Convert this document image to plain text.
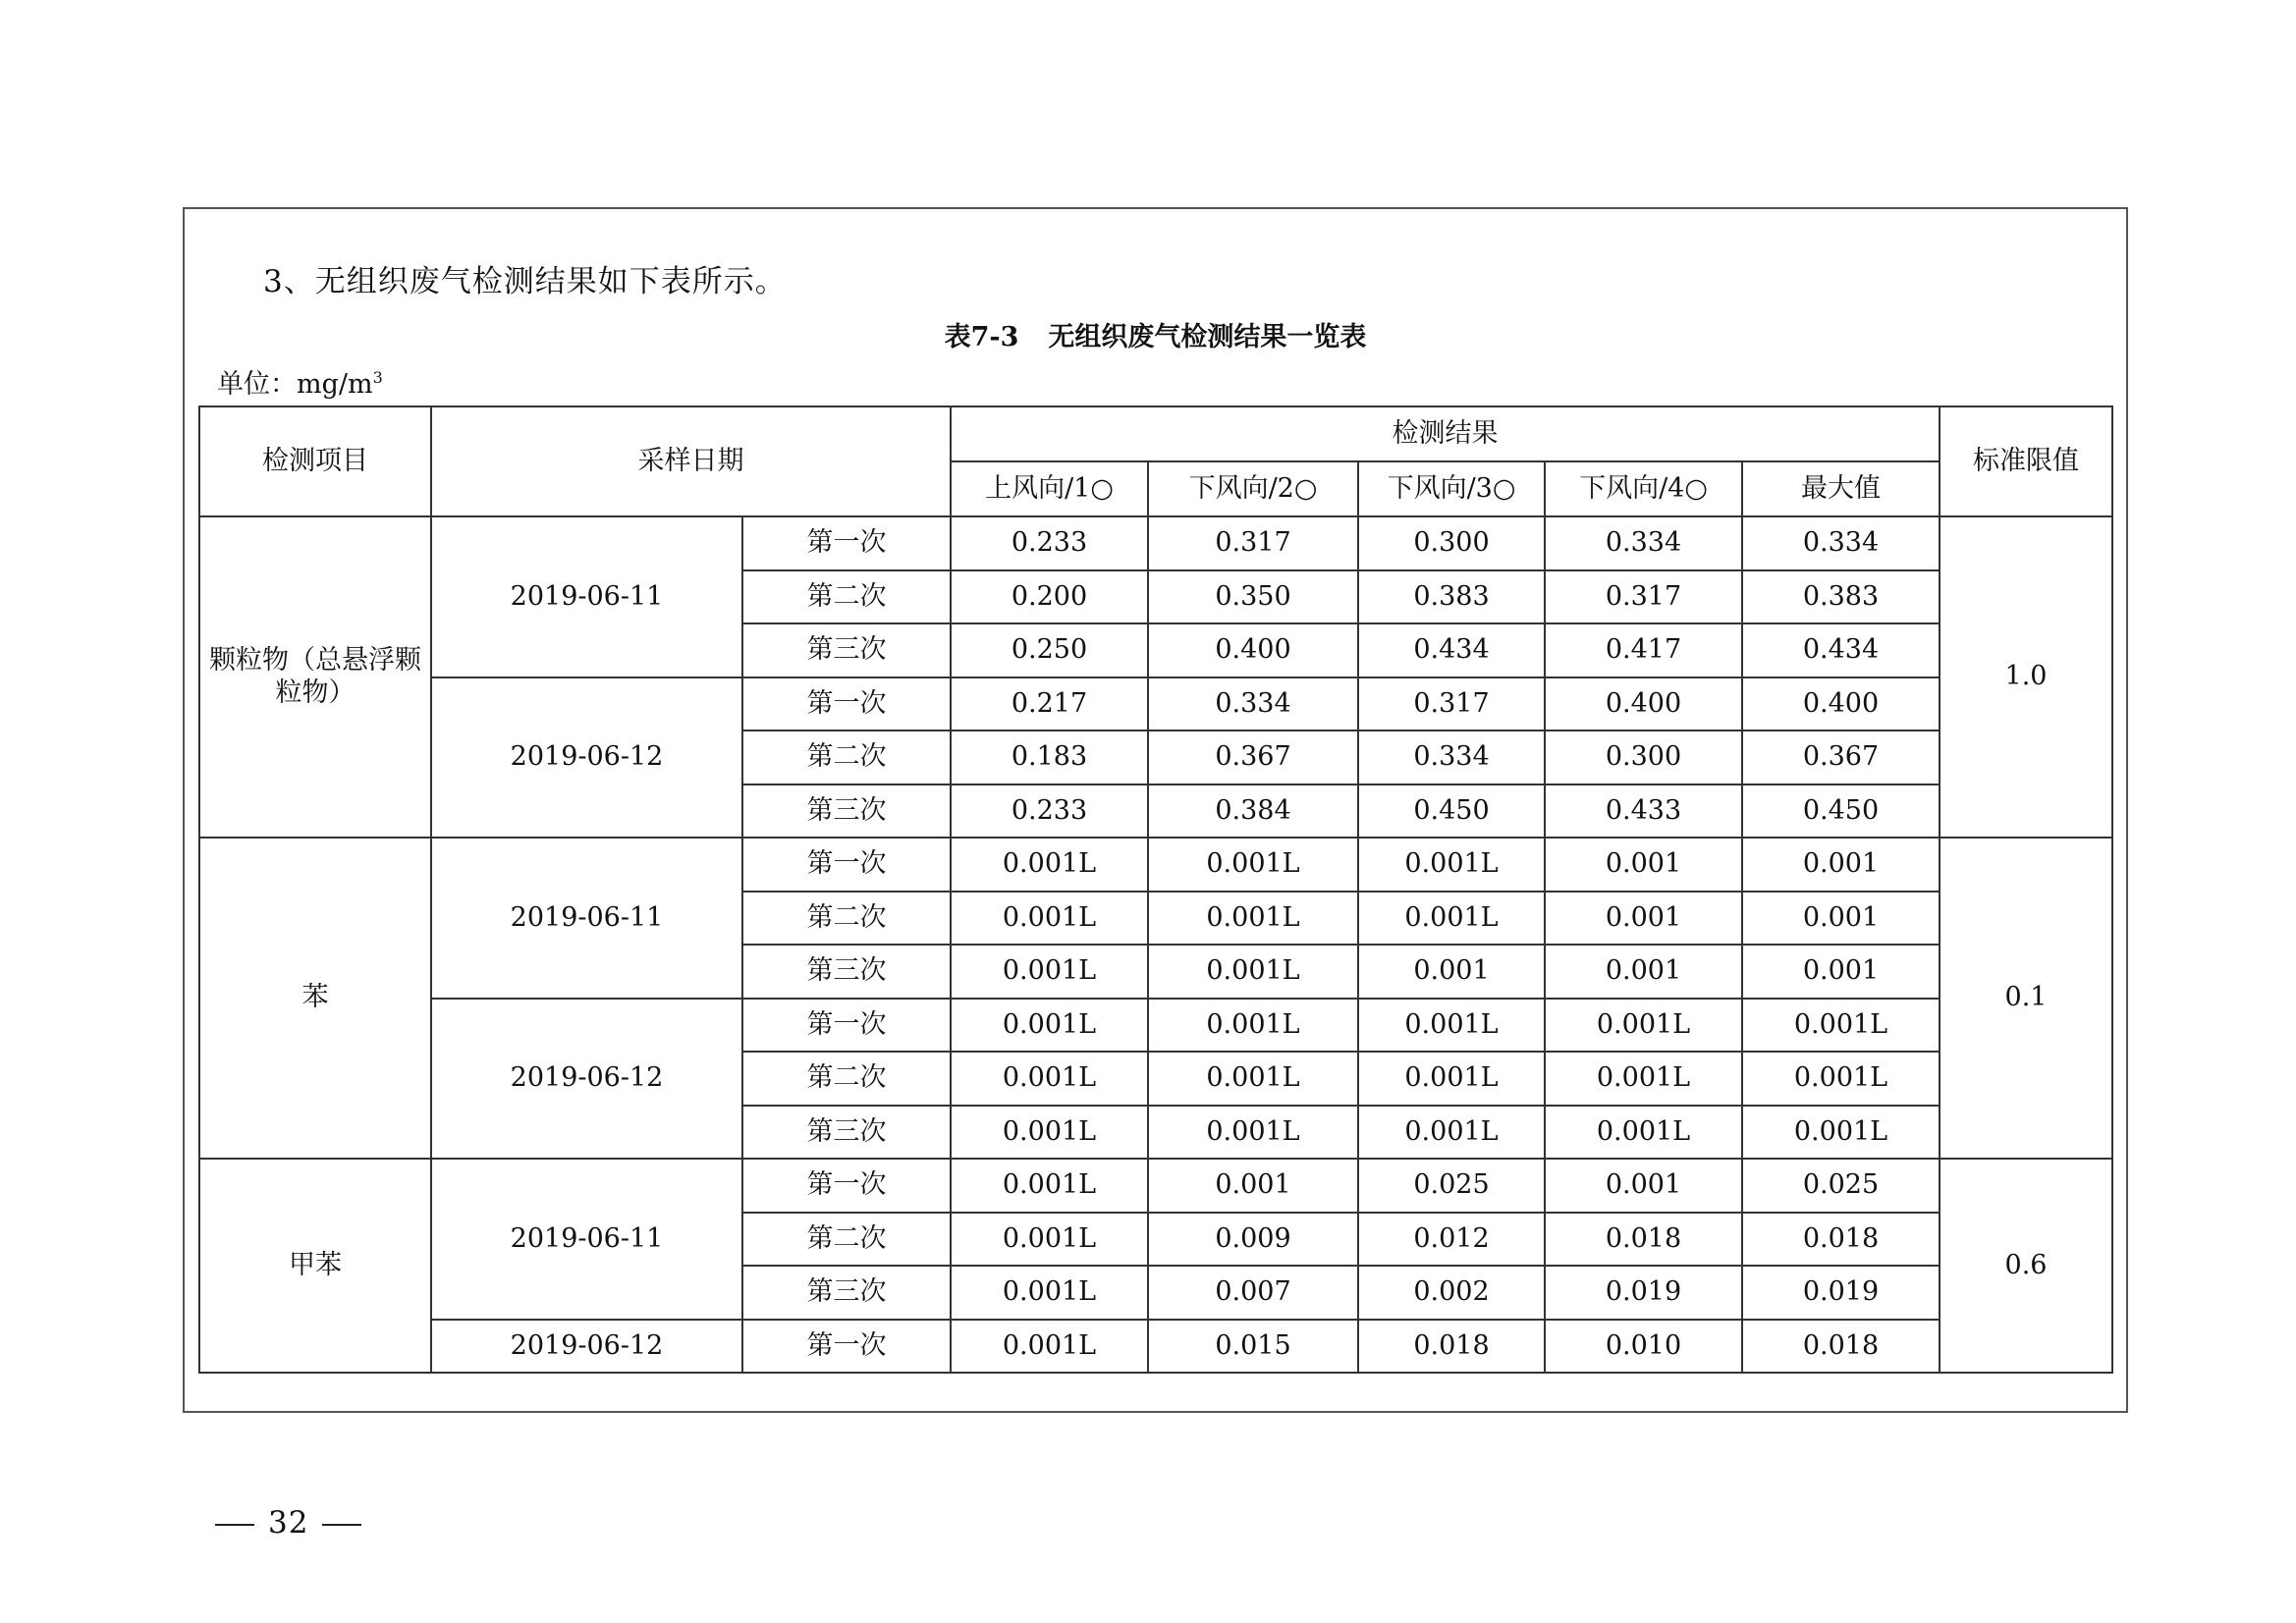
3、无组织废气检测结果如下表所示。
表7-3 无组织废气检测结果一览表
单位：$mg/m^3$
检测项目	采样日期		检测结果					标准限值
			上风向/1○	下风向/2○	下风向/3○	下风向/4○	最大值	
颗粒物（总悬浮颗粒物）	2019-06-11	第一次	0.233	0.317	0.300	0.334	0.334	1.0
		第二次	0.200	0.350	0.383	0.317	0.383	
		第三次	0.250	0.400	0.434	0.417	0.434	
	2019-06-12	第一次	0.217	0.334	0.317	0.400	0.400	
		第二次	0.183	0.367	0.334	0.300	0.367	
		第三次	0.233	0.384	0.450	0.433	0.450	
苯	2019-06-11	第一次	0.001L	0.001L	0.001L	0.001	0.001	0.1
		第二次	0.001L	0.001L	0.001L	0.001	0.001	
		第三次	0.001L	0.001L	0.001	0.001	0.001	
	2019-06-12	第一次	0.001L	0.001L	0.001L	0.001L	0.001L	
		第二次	0.001L	0.001L	0.001L	0.001L	0.001L	
		第三次	0.001L	0.001L	0.001L	0.001L	0.001L	
甲苯	2019-06-11	第一次	0.001L	0.001	0.025	0.001	0.025	0.6
		第二次	0.001L	0.009	0.012	0.018	0.018	
		第三次	0.001L	0.007	0.002	0.019	0.019	
	2019-06-12	第一次	0.001L	0.015	0.018	0.010	0.018	
32
